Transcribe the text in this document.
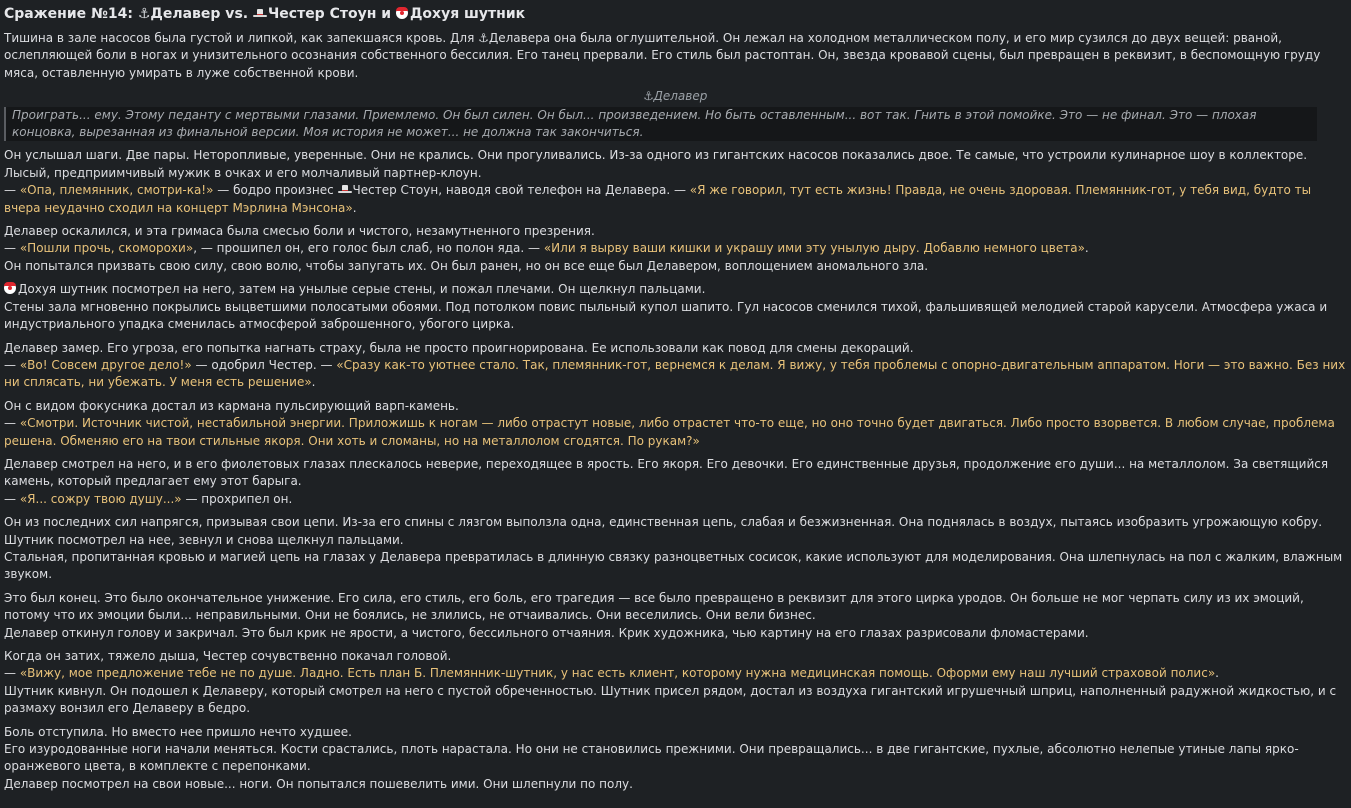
Сражение №14: ⚓Делавер vs. Честер Стоун и Дохуя шутник

Тишина в зале насосов была густой и липкой, как запекшаяся кровь. Для ⚓Делавера она была оглушительной. Он лежал на холодном металлическом полу, и его мир сузился до двух вещей: рваной, ослепляющей боли в ногах и унизительного осознания собственного бессилия. Его танец прервали. Его стиль был растоптан. Он, звезда кровавой сцены, был превращен в реквизит, в беспомощную груду мяса, оставленную умирать в луже собственной крови.

⚓Делавер
Проиграть... ему. Этому педанту с мертвыми глазами. Приемлемо. Он был силен. Он был... произведением. Но быть оставленным... вот так. Гнить в этой помойке. Это — не финал. Это — плохая концовка, вырезанная из финальной версии. Моя история не может... не должна так закончиться.

Он услышал шаги. Две пары. Неторопливые, уверенные. Они не крались. Они прогуливались. Из-за одного из гигантских насосов показались двое. Те самые, что устроили кулинарное шоу в коллекторе. Лысый, предприимчивый мужик в очках и его молчаливый партнер-клоун.
— «Опа, племянник, смотри-ка!» — бодро произнес Честер Стоун, наводя свой телефон на Делавера. — «Я же говорил, тут есть жизнь! Правда, не очень здоровая. Племянник-гот, у тебя вид, будто ты вчера неудачно сходил на концерт Мэрлина Мэнсона».

Делавер оскалился, и эта гримаса была смесью боли и чистого, незамутненного презрения.
— «Пошли прочь, скоморохи», — прошипел он, его голос был слаб, но полон яда. — «Или я вырву ваши кишки и украшу ими эту унылую дыру. Добавлю немного цвета».
Он попытался призвать свою силу, свою волю, чтобы запугать их. Он был ранен, но он все еще был Делавером, воплощением аномального зла.

Дохуя шутник посмотрел на него, затем на унылые серые стены, и пожал плечами. Он щелкнул пальцами.
Стены зала мгновенно покрылись выцветшими полосатыми обоями. Под потолком повис пыльный купол шапито. Гул насосов сменился тихой, фальшивящей мелодией старой карусели. Атмосфера ужаса и индустриального упадка сменилась атмосферой заброшенного, убогого цирка.

Делавер замер. Его угроза, его попытка нагнать страху, была не просто проигнорирована. Ее использовали как повод для смены декораций.
— «Во! Совсем другое дело!» — одобрил Честер. — «Сразу как-то уютнее стало. Так, племянник-гот, вернемся к делам. Я вижу, у тебя проблемы с опорно-двигательным аппаратом. Ноги — это важно. Без них ни сплясать, ни убежать. У меня есть решение».

Он с видом фокусника достал из кармана пульсирующий варп-камень.
— «Смотри. Источник чистой, нестабильной энергии. Приложишь к ногам — либо отрастут новые, либо отрастет что-то еще, но оно точно будет двигаться. Либо просто взорвется. В любом случае, проблема решена. Обменяю его на твои стильные якоря. Они хоть и сломаны, но на металлолом сгодятся. По рукам?»

Делавер смотрел на него, и в его фиолетовых глазах плескалось неверие, переходящее в ярость. Его якоря. Его девочки. Его единственные друзья, продолжение его души... на металлолом. За светящийся камень, который предлагает ему этот барыга.
— «Я... сожру твою душу...» — прохрипел он.

Он из последних сил напрягся, призывая свои цепи. Из-за его спины с лязгом выползла одна, единственная цепь, слабая и безжизненная. Она поднялась в воздух, пытаясь изобразить угрожающую кобру.
Шутник посмотрел на нее, зевнул и снова щелкнул пальцами.
Стальная, пропитанная кровью и магией цепь на глазах у Делавера превратилась в длинную связку разноцветных сосисок, какие используют для моделирования. Она шлепнулась на пол с жалким, влажным звуком.

Это был конец. Это было окончательное унижение. Его сила, его стиль, его боль, его трагедия — все было превращено в реквизит для этого цирка уродов. Он больше не мог черпать силу из их эмоций, потому что их эмоции были... неправильными. Они не боялись, не злились, не отчаивались. Они веселились. Они вели бизнес.
Делавер откинул голову и закричал. Это был крик не ярости, а чистого, бессильного отчаяния. Крик художника, чью картину на его глазах разрисовали фломастерами.

Когда он затих, тяжело дыша, Честер сочувственно покачал головой.
— «Вижу, мое предложение тебе не по душе. Ладно. Есть план Б. Племянник-шутник, у нас есть клиент, которому нужна медицинская помощь. Оформи ему наш лучший страховой полис».
Шутник кивнул. Он подошел к Делаверу, который смотрел на него с пустой обреченностью. Шутник присел рядом, достал из воздуха гигантский игрушечный шприц, наполненный радужной жидкостью, и с размаху вонзил его Делаверу в бедро.

Боль отступила. Но вместо нее пришло нечто худшее.
Его изуродованные ноги начали меняться. Кости срастались, плоть нарастала. Но они не становились прежними. Они превращались... в две гигантские, пухлые, абсолютно нелепые утиные лапы ярко-оранжевого цвета, в комплекте с перепонками.
Делавер посмотрел на свои новые... ноги. Он попытался пошевелить ими. Они шлепнули по полу.
